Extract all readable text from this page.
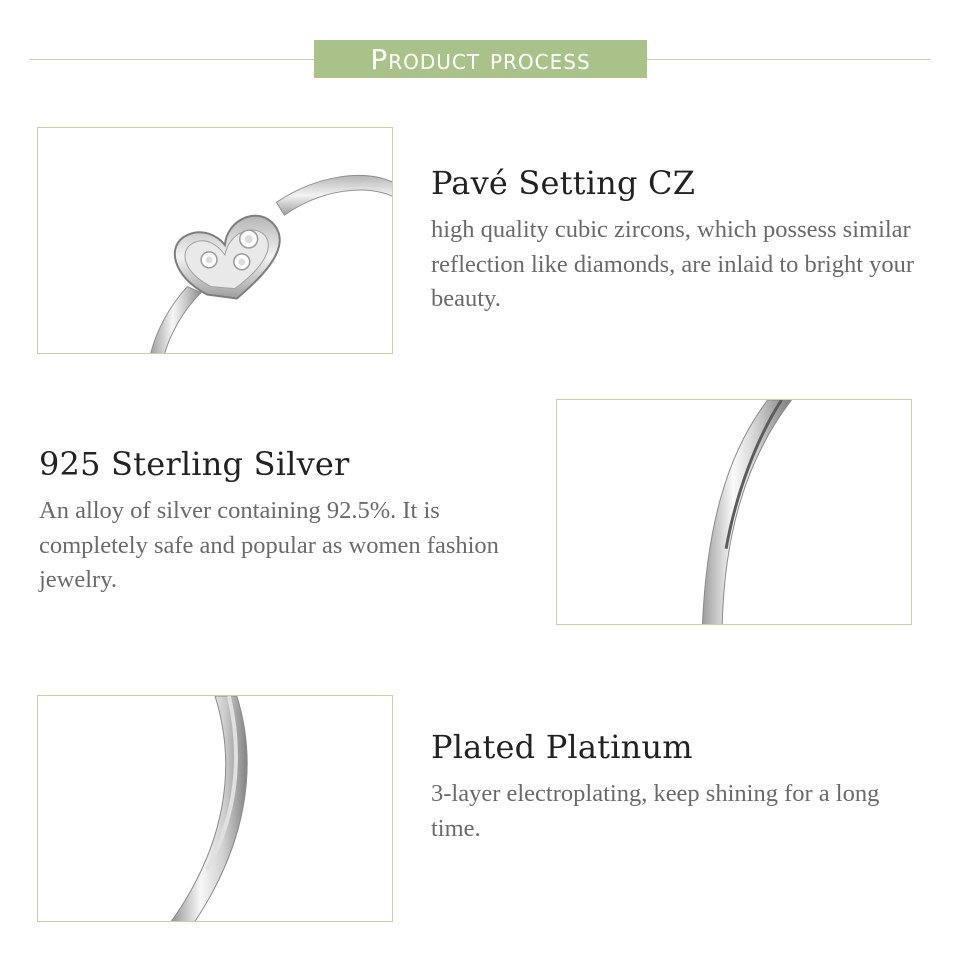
Product process
Pavé Setting CZ
high quality cubic zircons, which possess similar reflection like diamonds, are inlaid to bright your beauty.
925 Sterling Silver
An alloy of silver containing 92.5%. It is completely safe and popular as women fashion jewelry.
Plated Platinum
3-layer electroplating, keep shining for a long time.
